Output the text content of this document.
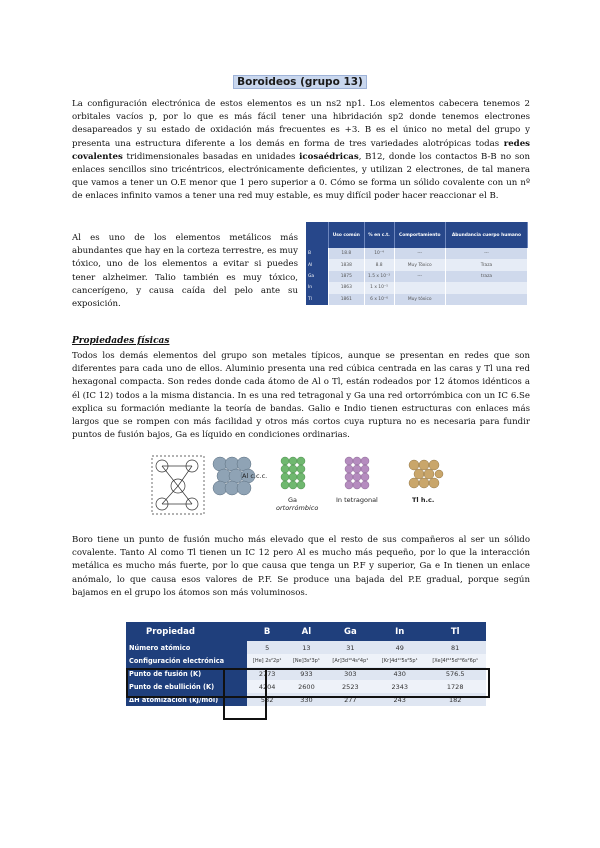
Boroideos (grupo 13)

La configuración electrónica de estos elementos es un ns2 np1. Los elementos cabecera tenemos 2 orbitales vacíos p, por lo que es más fácil tener una hibridación sp2 donde tenemos electrones desapareados y su estado de oxidación más frecuentes es +3. B es el único no metal del grupo y presenta una estructura diferente a los demás en forma de tres variedades alotrópicas todas redes covalentes tridimensionales basadas en unidades icosaédricas, B12, donde los contactos B-B no son enlaces sencillos sino tricéntricos, electrónicamente deficientes, y utilizan 2 electrones, de tal manera que vamos a tener un O.E menor que 1 pero superior a 0. Cómo se forma un sólido covalente con un nº de enlaces infinito vamos a tener una red muy estable, es muy difícil poder hacer reaccionar el B.

Al es uno de los elementos metálicos más abundantes que hay en la corteza terrestre, es muy tóxico, uno de los elementos a evitar si puedes tener alzheimer. Talio también es muy tóxico, cancerígeno, y causa caída del pelo ante su exposición.

	Uso común	% en c.t.	Comportamiento	Abundancia cuerpo humano
B	18.8	10⁻⁴	---	---
Al	1838	8.8	Muy Tóxico	Traza
Ga	1875	1.5 x 10⁻³	---	traza
In	1863	1 x 10⁻⁵		
Tl	1861	6 x 10⁻⁶	Muy tóxico	
Propiedades físicas

Todos los demás elementos del grupo son metales típicos, aunque se presentan en redes que son diferentes para cada uno de ellos. Aluminio presenta una red cúbica centrada en las caras y Tl una red hexagonal compacta. Son redes donde cada átomo de Al o Tl, están rodeados por 12 átomos idénticos a él (IC 12) todos a la misma distancia. In es una red tetragonal y Ga una red ortorrómbica con un IC 6.Se explica su formación mediante la teoría de bandas. Galio e Indio tienen estructuras con enlaces más largos que se rompen con más facilidad y otros más cortos cuya ruptura no es necesaria para fundir puntos de fusión bajos, Ga es líquido en condiciones ordinarias.

Al c.c.c.
Ga
ortorrómbico
In tetragonal	Tl h.c.

Boro tiene un punto de fusión mucho más elevado que el resto de sus compañeros al ser un sólido covalente. Tanto Al como Tl tienen un IC 12 pero Al es mucho más pequeño, por lo que la interacción metálica es mucho más fuerte, por lo que causa que tenga un P.F y superior, Ga e In tienen un enlace anómalo, lo que causa esos valores de P.F. Se produce una bajada del P.E gradual, porque según bajamos en el grupo los átomos son más voluminosos.

Propiedad	B	Al	Ga	In	Tl
Número atómico	5	13	31	49	81
Configuración electrónica	[He] 2s²2p¹	[Ne]3s²3p¹	[Ar]3d¹⁰4s²4p¹	[Kr]4d¹⁰5s²5p¹	[Xe]4f¹⁴5d¹⁰6s²6p¹
Punto de fusión (K)	2773	933	303	430	576.5
Punto de ebullición (K)	4204	2600	2523	2343	1728
ΔH atomización (kJ/mol)	582	330	277	243	182
